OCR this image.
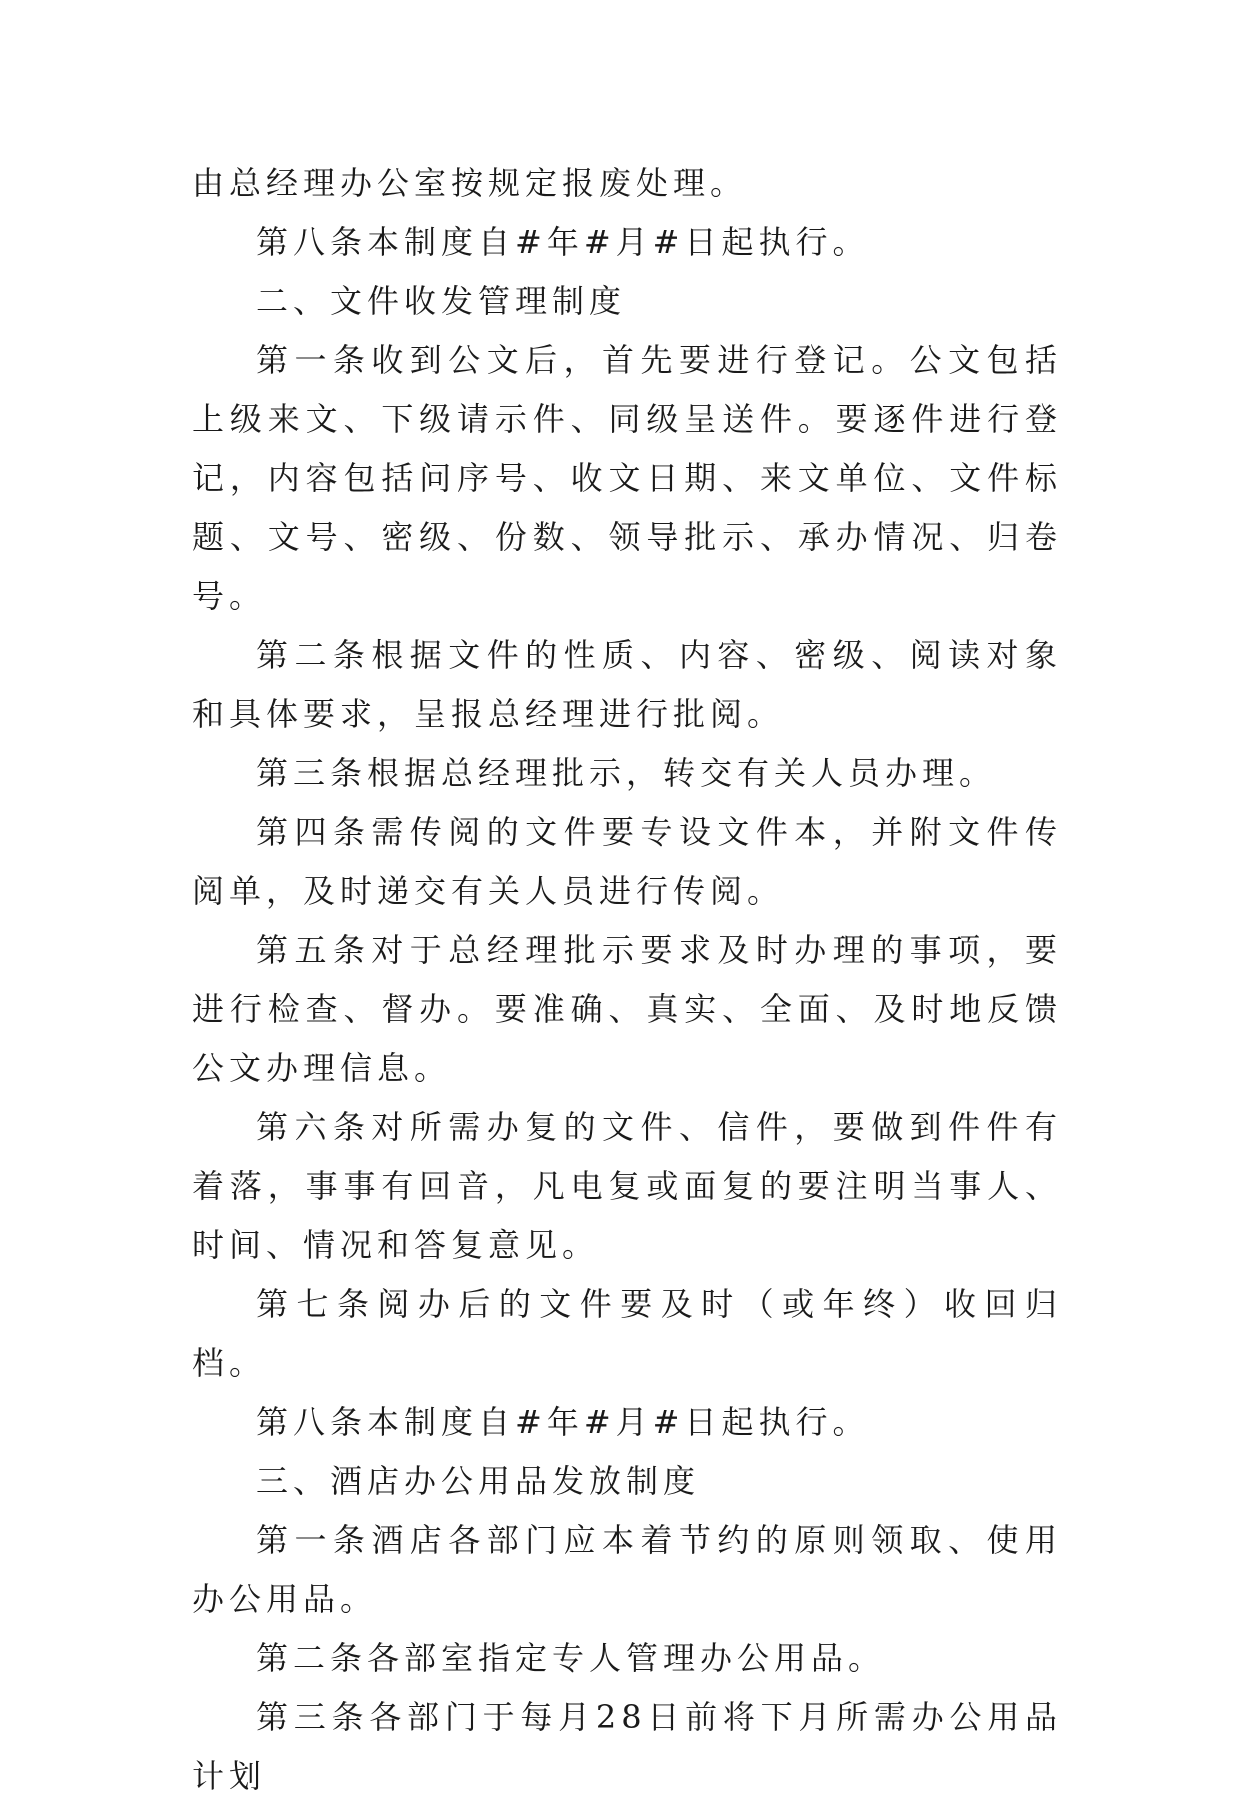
由总经理办公室按规定报废处理。

第八条本制度自#年#月#日起执行。

二、文件收发管理制度

第一条收到公文后，首先要进行登记。公文包括上级来文、下级请示件、同级呈送件。要逐件进行登记，内容包括问序号、收文日期、来文单位、文件标题、文号、密级、份数、领导批示、承办情况、归卷号。

第二条根据文件的性质、内容、密级、阅读对象和具体要求，呈报总经理进行批阅。

第三条根据总经理批示，转交有关人员办理。

第四条需传阅的文件要专设文件本，并附文件传阅单，及时递交有关人员进行传阅。

第五条对于总经理批示要求及时办理的事项，要进行检查、督办。要准确、真实、全面、及时地反馈公文办理信息。

第六条对所需办复的文件、信件，要做到件件有着落，事事有回音，凡电复或面复的要注明当事人、时间、情况和答复意见。

第七条阅办后的文件要及时（或年终）收回归档。

第八条本制度自#年#月#日起执行。

三、酒店办公用品发放制度

第一条酒店各部门应本着节约的原则领取、使用办公用品。

第二条各部室指定专人管理办公用品。

第三条各部门于每月28日前将下月所需办公用品计划
